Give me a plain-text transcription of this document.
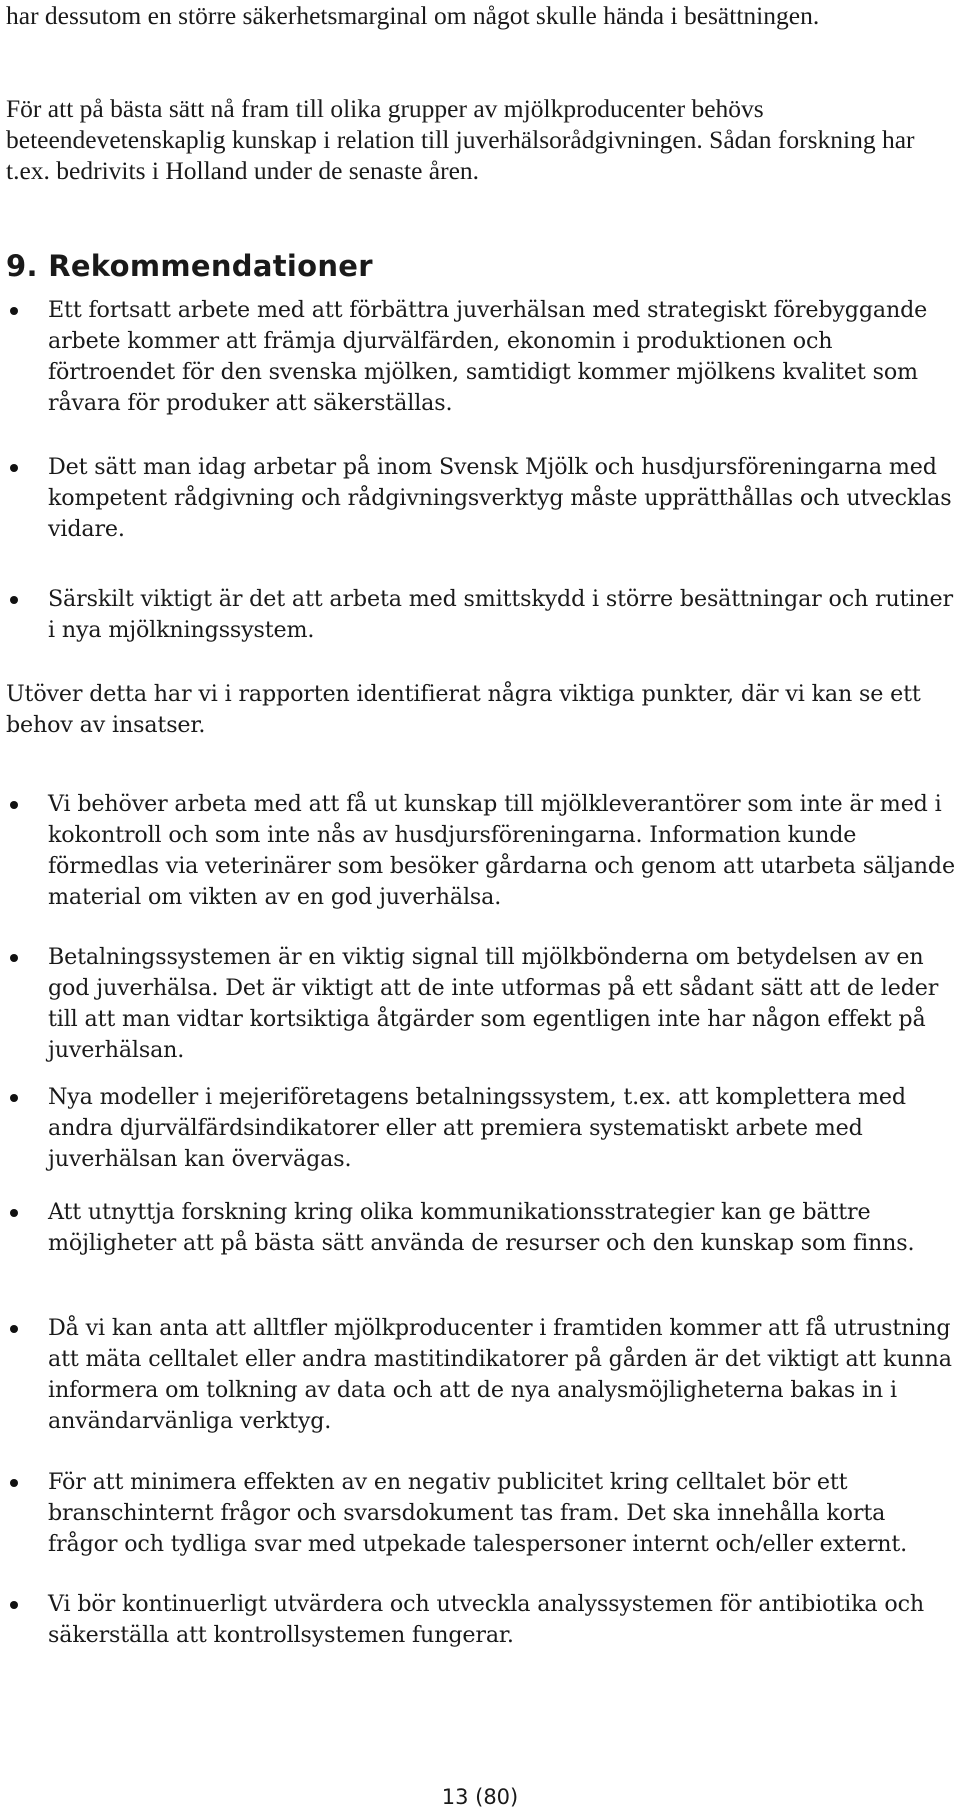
har dessutom en större säkerhetsmarginal om något skulle hända i besättningen.

För att på bästa sätt nå fram till olika grupper av mjölkproducenter behövs beteendevetenskaplig kunskap i relation till juverhälsorådgivningen. Sådan forskning har t.ex. bedrivits i Holland under de senaste åren.

9. Rekommendationer

Ett fortsatt arbete med att förbättra juverhälsan med strategiskt förebyggande arbete kommer att främja djurvälfärden, ekonomin i produktionen och förtroendet för den svenska mjölken, samtidigt kommer mjölkens kvalitet som råvara för produker att säkerställas.

Det sätt man idag arbetar på inom Svensk Mjölk och husdjursföreningarna med kompetent rådgivning och rådgivningsverktyg måste upprätthållas och utvecklas vidare.

Särskilt viktigt är det att arbeta med smittskydd i större besättningar och rutiner i nya mjölkningssystem.

Utöver detta har vi i rapporten identifierat några viktiga punkter, där vi kan se ett behov av insatser.

Vi behöver arbeta med att få ut kunskap till mjölkleverantörer som inte är med i kokontroll och som inte nås av husdjursföreningarna. Information kunde förmedlas via veterinärer som besöker gårdarna och genom att utarbeta säljande material om vikten av en god juverhälsa.

Betalningssystemen är en viktig signal till mjölkbönderna om betydelsen av en god juverhälsa. Det är viktigt att de inte utformas på ett sådant sätt att de leder till att man vidtar kortsiktiga åtgärder som egentligen inte har någon effekt på juverhälsan.

Nya modeller i mejeriföretagens betalningssystem, t.ex. att komplettera med andra djurvälfärdsindikatorer eller att premiera systematiskt arbete med juverhälsan kan övervägas.

Att utnyttja forskning kring olika kommunikationsstrategier kan ge bättre möjligheter att på bästa sätt använda de resurser och den kunskap som finns.

Då vi kan anta att alltfler mjölkproducenter i framtiden kommer att få utrustning att mäta celltalet eller andra mastitindikatorer på gården är det viktigt att kunna informera om tolkning av data och att de nya analysmöjligheterna bakas in i användarvänliga verktyg.

För att minimera effekten av en negativ publicitet kring celltalet bör ett branschinternt frågor och svarsdokument tas fram. Det ska innehålla korta frågor och tydliga svar med utpekade talespersoner internt och/eller externt.

Vi bör kontinuerligt utvärdera och utveckla analyssystemen för antibiotika och säkerställa att kontrollsystemen fungerar.

13 (80)
